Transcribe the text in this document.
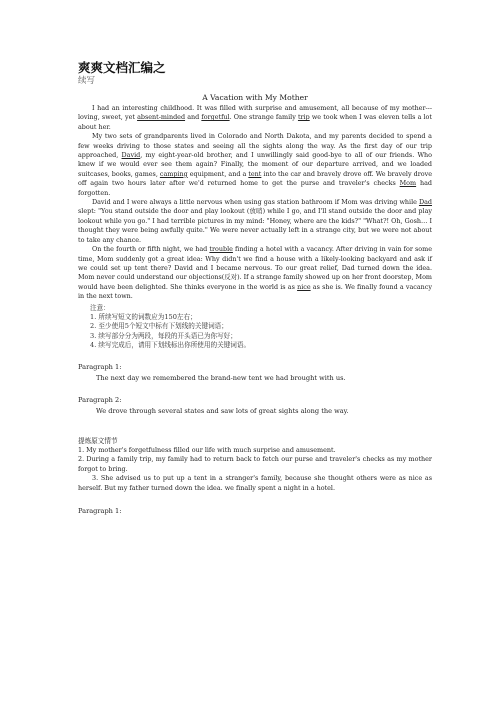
爽爽文档汇编之
续写
A Vacation with My Mother

I had an interesting childhood. It was filled with surprise and amusement, all because of my mother---loving, sweet, yet absent-minded and forgetful. One strange family trip we took when I was eleven tells a lot about her.

My two sets of grandparents lived in Colorado and North Dakota, and my parents decided to spend a few weeks driving to those states and seeing all the sights along the way. As the first day of our trip approached, David, my eight-year-old brother, and I unwillingly said good-bye to all of our friends. Who knew if we would ever see them again? Finally, the moment of our departure arrived, and we loaded suitcases, books, games, camping equipment, and a tent into the car and bravely drove off. We bravely drove off again two hours later after we'd returned home to get the purse and traveler's checks Mom had forgotten.

David and I were always a little nervous when using gas station bathroom if Mom was driving while Dad slept: "You stand outside the door and play lookout (放哨) while I go, and I'll stand outside the door and play lookout while you go." I had terrible pictures in my mind: "Honey, where are the kids?" "What?! Oh, Gosh… I thought they were being awfully quite." We were never actually left in a strange city, but we were not about to take any chance.

On the fourth or fifth night, we had trouble finding a hotel with a vacancy. After driving in vain for some time, Mom suddenly got a great idea: Why didn't we find a house with a likely-looking backyard and ask if we could set up tent there? David and I became nervous. To our great relief, Dad turned down the idea. Mom never could understand our objections(反对). If a strange family showed up on her front doorstep, Mom would have been delighted. She thinks everyone in the world is as nice as she is. We finally found a vacancy in the next town.

注意：
1. 所续写短文的词数应为150左右；
2. 至少使用5个短文中标有下划线的关键词语；
3. 续写部分分为两段，每段的开头语已为你写好；
4. 续写完成后，请用下划线标出你所使用的关键词语。
Paragraph 1:
The next day we remembered the brand-new tent we had brought with us.
Paragraph 2:
We drove through several states and saw lots of great sights along the way.
提炼原文情节

1. My mother's forgetfulness filled our life with much surprise and amusement.

2. During a family trip, my family had to return back to fetch our purse and traveler's checks as my mother forgot to bring.

3. She advised us to put up a tent in a stranger's family, because she thought others were as nice as herself. But my father turned down the idea. we finally spent a night in a hotel.

Paragraph 1:
